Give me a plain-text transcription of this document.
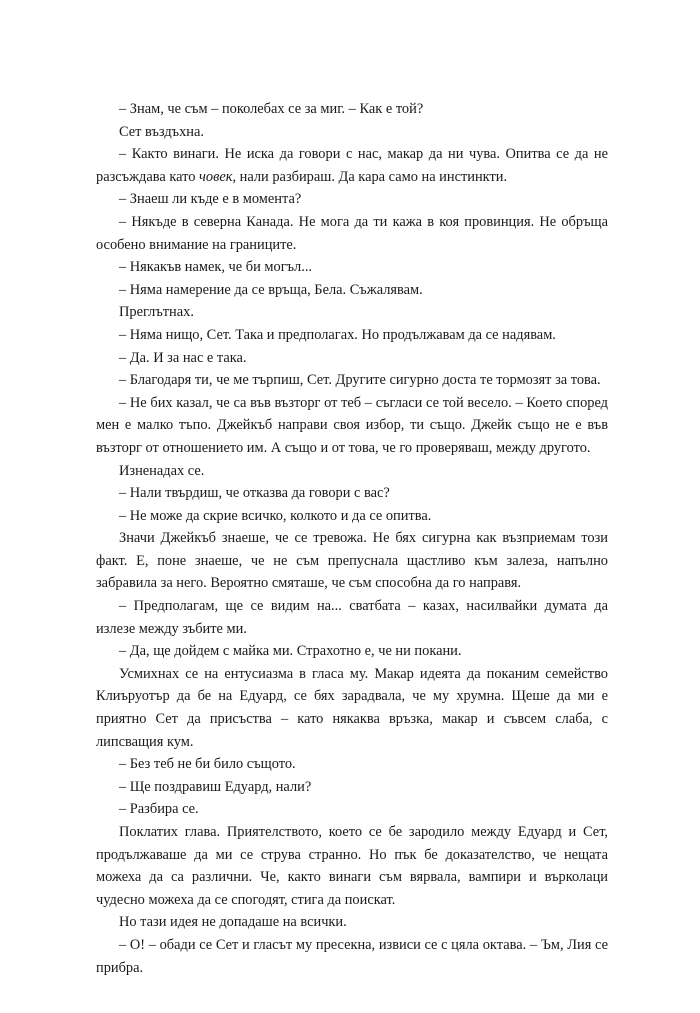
– Знам, че съм – поколебах се за миг. – Как е той?

Сет въздъхна.

– Както винаги. Не иска да говори с нас, макар да ни чува. Опитва се да не разсъждава като човек, нали разбираш. Да кара само на инстинкти.

– Знаеш ли къде е в момента?

– Някъде в северна Канада. Не мога да ти кажа в коя провинция. Не обръща особено внимание на границите.

– Някакъв намек, че би могъл...

– Няма намерение да се връща, Бела. Съжалявам.

Преглътнах.

– Няма нищо, Сет. Така и предполагах. Но продължавам да се надявам.

– Да. И за нас е така.

– Благодаря ти, че ме търпиш, Сет. Другите сигурно доста те тормозят за това.

– Не бих казал, че са във възторг от теб – съгласи се той весело. – Което според мен е малко тъпо. Джейкъб направи своя избор, ти също. Джейк също не е във възторг от отношението им. А също и от това, че го проверяваш, между другото.

Изненадах се.

– Нали твърдиш, че отказва да говори с вас?

– Не може да скрие всичко, колкото и да се опитва.

Значи Джейкъб знаеше, че се тревожа. Не бях сигурна как възприемам този факт. Е, поне знаеше, че не съм препуснала щастливо към залеза, напълно забравила за него. Вероятно смяташе, че съм способна да го направя.

– Предполагам, ще се видим на... сватбата – казах, насилвайки думата да излезе между зъбите ми.

– Да, ще дойдем с майка ми. Страхотно е, че ни покани.

Усмихнах се на ентусиазма в гласа му. Макар идеята да поканим семейство Клиъруотър да бе на Едуард, се бях зарадвала, че му хрумна. Щеше да ми е приятно Сет да присъства – като някаква връзка, макар и съвсем слаба, с липсващия кум.

– Без теб не би било същото.

– Ще поздравиш Едуард, нали?

– Разбира се.

Поклатих глава. Приятелството, което се бе зародило между Едуард и Сет, продължаваше да ми се струва странно. Но пък бе доказателство, че нещата можеха да са различни. Че, както винаги съм вярвала, вампири и върколаци чудесно можеха да се спогодят, стига да поискат.

Но тази идея не допадаше на всички.

– О! – обади се Сет и гласът му пресекна, извиси се с цяла октава. – Ъм, Лия се прибра.
